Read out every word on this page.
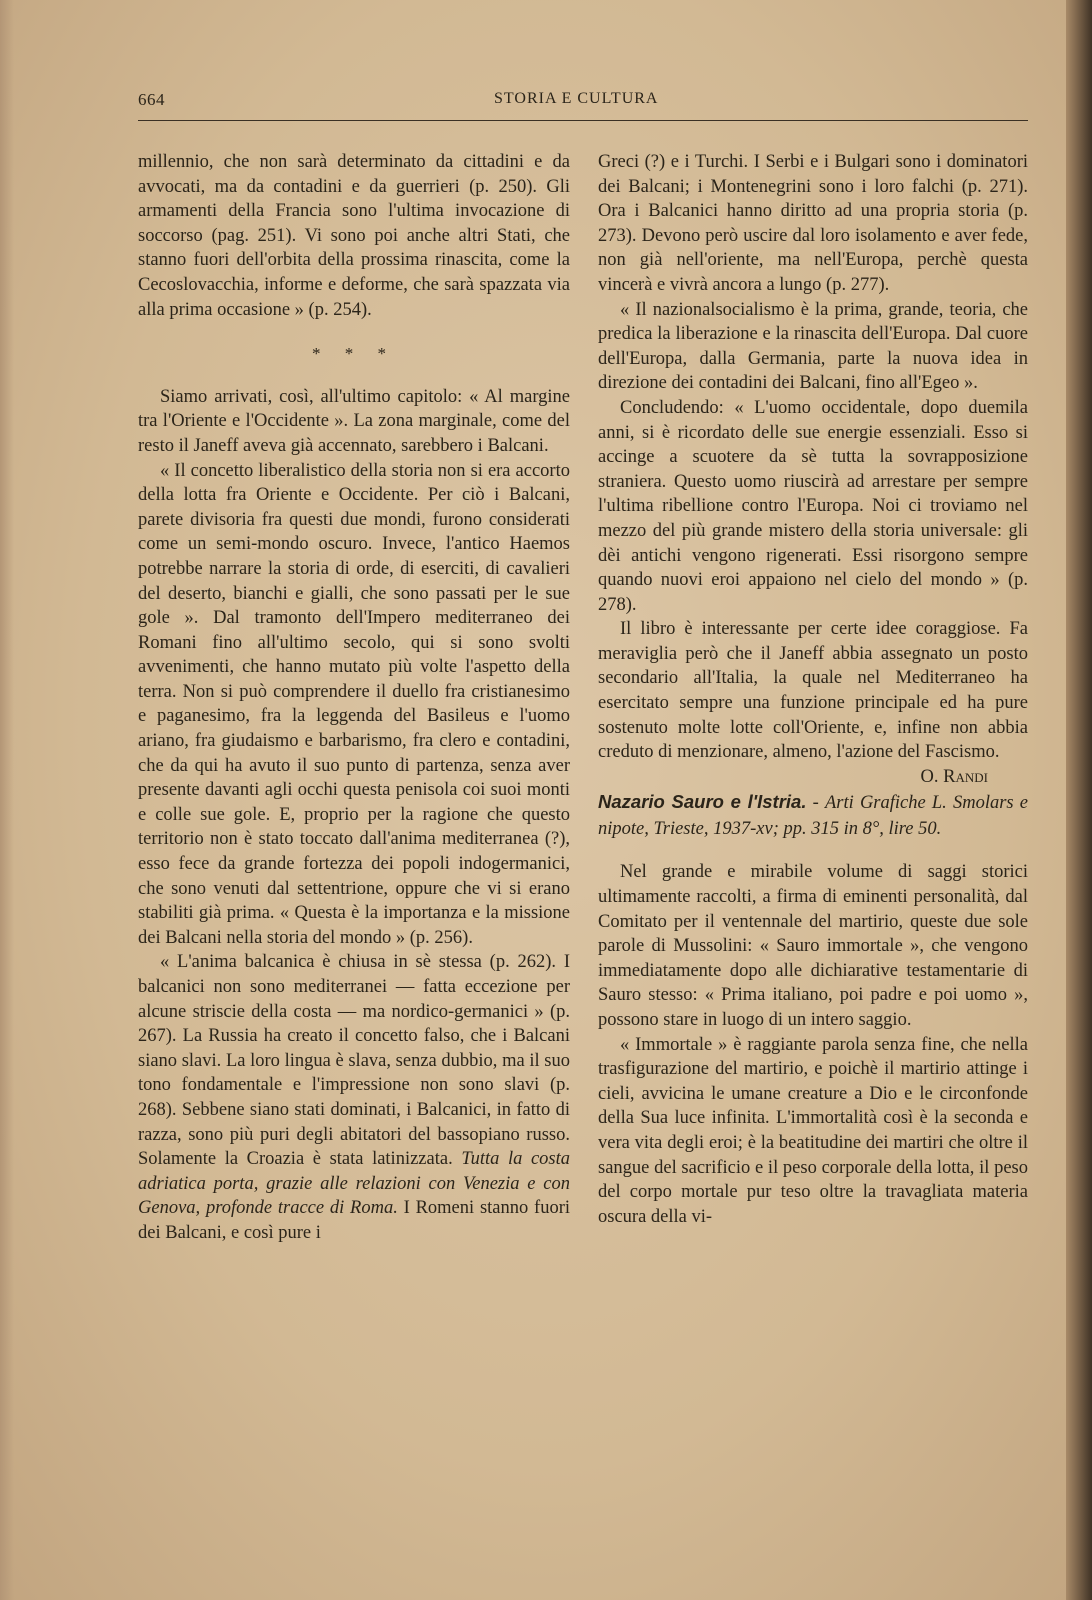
664	STORIA E CULTURA

millennio, che non sarà determinato da cittadini e da avvocati, ma da contadini e da guerrieri (p. 250). Gli armamenti della Francia sono l'ultima invocazione di soccorso (pag. 251). Vi sono poi anche altri Stati, che stanno fuori dell'orbita della prossima rinascita, come la Cecoslovacchia, informe e deforme, che sarà spazzata via alla prima occasione » (p. 254).

* * *

Siamo arrivati, così, all'ultimo capitolo: « Al margine tra l'Oriente e l'Occidente ». La zona marginale, come del resto il Janeff aveva già accennato, sarebbero i Balcani.

« Il concetto liberalistico della storia non si era accorto della lotta fra Oriente e Occidente. Per ciò i Balcani, parete divisoria fra questi due mondi, furono considerati come un semi-mondo oscuro. Invece, l'antico Haemos potrebbe narrare la storia di orde, di eserciti, di cavalieri del deserto, bianchi e gialli, che sono passati per le sue gole ». Dal tramonto dell'Impero mediterraneo dei Romani fino all'ultimo secolo, qui si sono svolti avvenimenti, che hanno mutato più volte l'aspetto della terra. Non si può comprendere il duello fra cristianesimo e paganesimo, fra la leggenda del Basileus e l'uomo ariano, fra giudaismo e barbarismo, fra clero e contadini, che da qui ha avuto il suo punto di partenza, senza aver presente davanti agli occhi questa penisola coi suoi monti e colle sue gole. E, proprio per la ragione che questo territorio non è stato toccato dall'anima mediterranea (?), esso fece da grande fortezza dei popoli indogermanici, che sono venuti dal settentrione, oppure che vi si erano stabiliti già prima. « Questa è la importanza e la missione dei Balcani nella storia del mondo » (p. 256).

« L'anima balcanica è chiusa in sè stessa (p. 262). I balcanici non sono mediterranei — fatta eccezione per alcune striscie della costa — ma nordico-germanici » (p. 267). La Russia ha creato il concetto falso, che i Balcani siano slavi. La loro lingua è slava, senza dubbio, ma il suo tono fondamentale e l'impressione non sono slavi (p. 268). Sebbene siano stati dominati, i Balcanici, in fatto di razza, sono più puri degli abitatori del bassopiano russo. Solamente la Croazia è stata latinizzata. Tutta la costa adriatica porta, grazie alle relazioni con Venezia e con Genova, profonde tracce di Roma. I Romeni stanno fuori dei Balcani, e così pure i

Greci (?) e i Turchi. I Serbi e i Bulgari sono i dominatori dei Balcani; i Montenegrini sono i loro falchi (p. 271). Ora i Balcanici hanno diritto ad una propria storia (p. 273). Devono però uscire dal loro isolamento e aver fede, non già nell'oriente, ma nell'Europa, perchè questa vincerà e vivrà ancora a lungo (p. 277).

« Il nazionalsocialismo è la prima, grande, teoria, che predica la liberazione e la rinascita dell'Europa. Dal cuore dell'Europa, dalla Germania, parte la nuova idea in direzione dei contadini dei Balcani, fino all'Egeo ».

Concludendo: « L'uomo occidentale, dopo duemila anni, si è ricordato delle sue energie essenziali. Esso si accinge a scuotere da sè tutta la sovrapposizione straniera. Questo uomo riuscirà ad arrestare per sempre l'ultima ribellione contro l'Europa. Noi ci troviamo nel mezzo del più grande mistero della storia universale: gli dèi antichi vengono rigenerati. Essi risorgono sempre quando nuovi eroi appaiono nel cielo del mondo » (p. 278).

Il libro è interessante per certe idee coraggiose. Fa meraviglia però che il Janeff abbia assegnato un posto secondario all'Italia, la quale nel Mediterraneo ha esercitato sempre una funzione principale ed ha pure sostenuto molte lotte coll'Oriente, e, infine non abbia creduto di menzionare, almeno, l'azione del Fascismo.

O. Randi

Nazario Sauro e l'Istria. - Arti Grafiche L. Smolars e nipote, Trieste, 1937-xv; pp. 315 in 8°, lire 50.

Nel grande e mirabile volume di saggi storici ultimamente raccolti, a firma di eminenti personalità, dal Comitato per il ventennale del martirio, queste due sole parole di Mussolini: « Sauro immortale », che vengono immediatamente dopo alle dichiarative testamentarie di Sauro stesso: « Prima italiano, poi padre e poi uomo », possono stare in luogo di un intero saggio.

« Immortale » è raggiante parola senza fine, che nella trasfigurazione del martirio, e poichè il martirio attinge i cieli, avvicina le umane creature a Dio e le circonfonde della Sua luce infinita. L'immortalità così è la seconda e vera vita degli eroi; è la beatitudine dei martiri che oltre il sangue del sacrificio e il peso corporale della lotta, il peso del corpo mortale pur teso oltre la travagliata materia oscura della vi-
